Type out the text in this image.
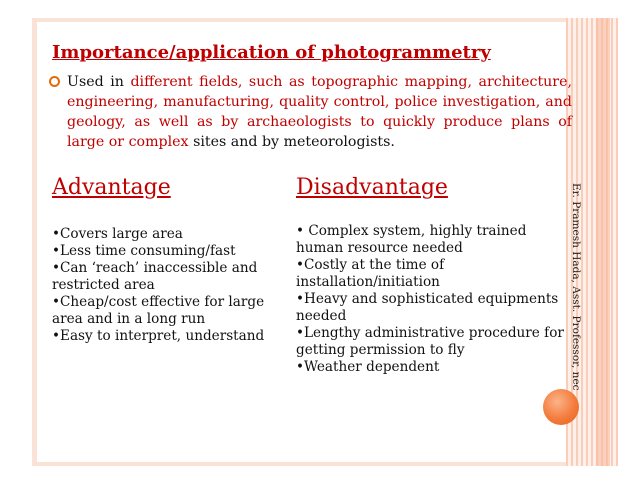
Importance/application of photogrammetry
Used in different fields, such as topographic mapping, architecture, engineering, manufacturing, quality control, police investigation, and geology, as well as by archaeologists to quickly produce plans of large or complex sites and by meteorologists.
Advantage	Disadvantage

•Covers large area

•Less time consuming/fast

•Can ‘reach’ inaccessible and restricted area

•Cheap/cost effective for large area and in a long run

•Easy to interpret, understand

• Complex system, highly trained human resource needed

•Costly at the time of installation/initiation

•Heavy and sophisticated equipments needed

•Lengthy administrative procedure for getting permission to fly

•Weather dependent	Er. Pramesh Hada, Asst. Professor, nec
